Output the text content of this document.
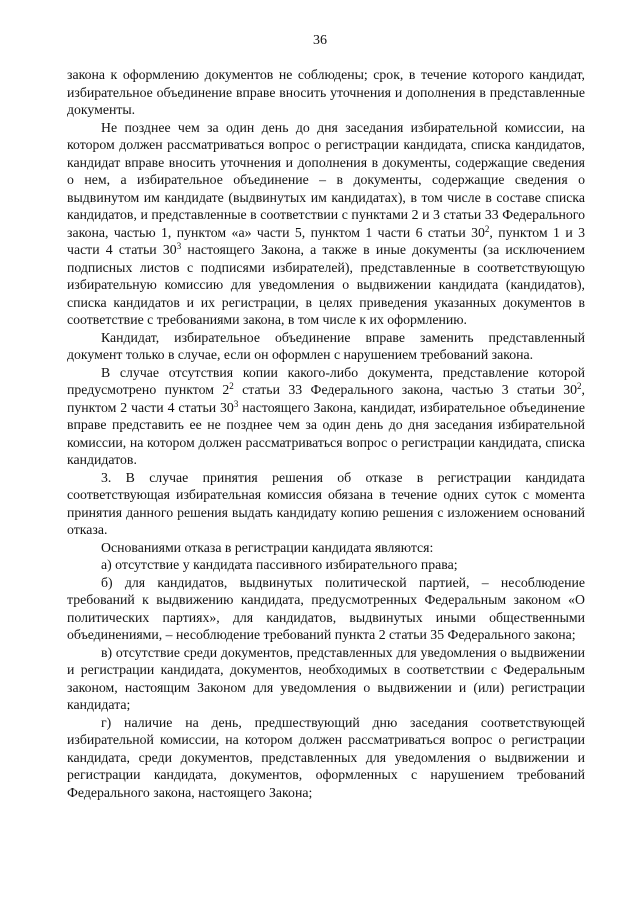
36

закона к оформлению документов не соблюдены; срок, в течение которого кандидат, избирательное объединение вправе вносить уточнения и дополнения в представленные документы.

Не позднее чем за один день до дня заседания избирательной комиссии, на котором должен рассматриваться вопрос о регистрации кандидата, списка кандидатов, кандидат вправе вносить уточнения и дополнения в документы, содержащие сведения о нем, а избирательное объединение – в документы, содержащие сведения о выдвинутом им кандидате (выдвинутых им кандидатах), в том числе в составе списка кандидатов, и представленные в соответствии с пунктами 2 и 3 статьи 33 Федерального закона, частью 1, пунктом «а» части 5, пунктом 1 части 6 статьи $30^2$, пунктом 1 и 3 части 4 статьи $30^3$ настоящего Закона, а также в иные документы (за исключением подписных листов с подписями избирателей), представленные в соответствующую избирательную комиссию для уведомления о выдвижении кандидата (кандидатов), списка кандидатов и их регистрации, в целях приведения указанных документов в соответствие с требованиями закона, в том числе к их оформлению.

Кандидат, избирательное объединение вправе заменить представленный документ только в случае, если он оформлен с нарушением требований закона.

В случае отсутствия копии какого-либо документа, представление которой предусмотрено пунктом $2^2$ статьи 33 Федерального закона, частью 3 статьи $30^2$, пунктом 2 части 4 статьи $30^3$ настоящего Закона, кандидат, избирательное объединение вправе представить ее не позднее чем за один день до дня заседания избирательной комиссии, на котором должен рассматриваться вопрос о регистрации кандидата, списка кандидатов.

3. В случае принятия решения об отказе в регистрации кандидата соответствующая избирательная комиссия обязана в течение одних суток с момента принятия данного решения выдать кандидату копию решения с изложением оснований отказа.

Основаниями отказа в регистрации кандидата являются:

а) отсутствие у кандидата пассивного избирательного права;

б) для кандидатов, выдвинутых политической партией, – несоблюдение требований к выдвижению кандидата, предусмотренных Федеральным законом «О политических партиях», для кандидатов, выдвинутых иными общественными объединениями, – несоблюдение требований пункта 2 статьи 35 Федерального закона;

в) отсутствие среди документов, представленных для уведомления о выдвижении и регистрации кандидата, документов, необходимых в соответствии с Федеральным законом, настоящим Законом для уведомления о выдвижении и (или) регистрации кандидата;

г) наличие на день, предшествующий дню заседания соответствующей избирательной комиссии, на котором должен рассматриваться вопрос о регистрации кандидата, среди документов, представленных для уведомления о выдвижении и регистрации кандидата, документов, оформленных с нарушением требований Федерального закона, настоящего Закона;
